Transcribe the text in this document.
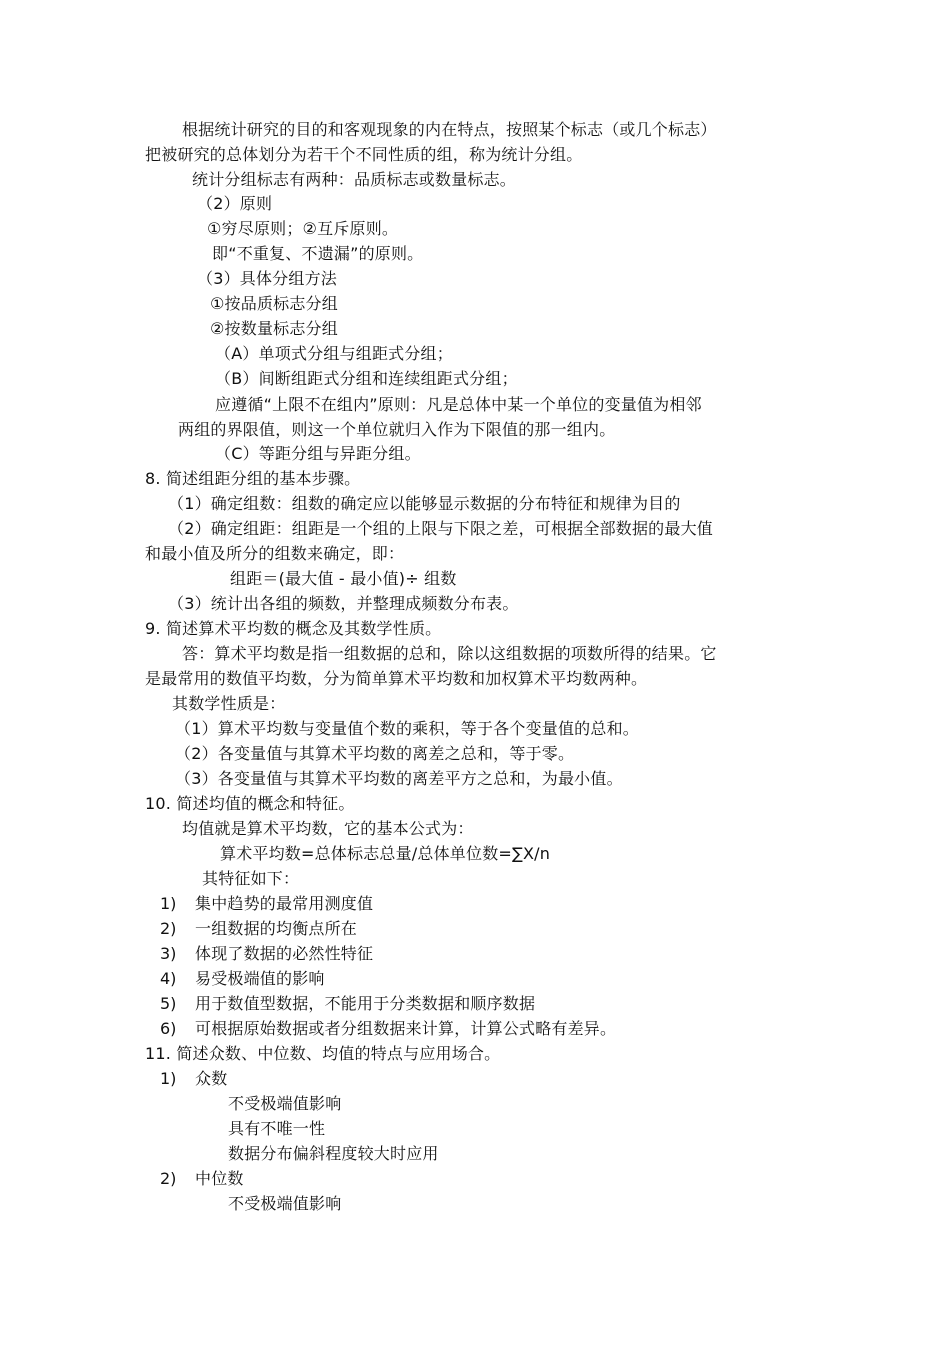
根据统计研究的目的和客观现象的内在特点，按照某个标志（或几个标志）
把被研究的总体划分为若干个不同性质的组，称为统计分组。
统计分组标志有两种：品质标志或数量标志。
（2）原则
①穷尽原则；②互斥原则。
即“不重复、不遗漏”的原则。
（3）具体分组方法
①按品质标志分组
②按数量标志分组
（A）单项式分组与组距式分组；
（B）间断组距式分组和连续组距式分组；
应遵循“上限不在组内”原则：凡是总体中某一个单位的变量值为相邻
两组的界限值，则这一个单位就归入作为下限值的那一组内。
（C）等距分组与异距分组。
8. 简述组距分组的基本步骤。
（1）确定组数：组数的确定应以能够显示数据的分布特征和规律为目的
（2）确定组距：组距是一个组的上限与下限之差，可根据全部数据的最大值
和最小值及所分的组数来确定，即：
组距＝(最大值 - 最小值)÷ 组数
（3）统计出各组的频数，并整理成频数分布表。
9. 简述算术平均数的概念及其数学性质。
答：算术平均数是指一组数据的总和，除以这组数据的项数所得的结果。它
是最常用的数值平均数，分为简单算术平均数和加权算术平均数两种。
其数学性质是：
（1）算术平均数与变量值个数的乘积，等于各个变量值的总和。
（2）各变量值与其算术平均数的离差之总和，等于零。
（3）各变量值与其算术平均数的离差平方之总和，为最小值。
10. 简述均值的概念和特征。
均值就是算术平均数，它的基本公式为：
算术平均数=总体标志总量/总体单位数=∑X/n
其特征如下：
1) 集中趋势的最常用测度值
2) 一组数据的均衡点所在
3) 体现了数据的必然性特征
4) 易受极端值的影响
5) 用于数值型数据，不能用于分类数据和顺序数据
6) 可根据原始数据或者分组数据来计算，计算公式略有差异。
11. 简述众数、中位数、均值的特点与应用场合。
1) 众数
不受极端值影响
具有不唯一性
数据分布偏斜程度较大时应用
2) 中位数
不受极端值影响
